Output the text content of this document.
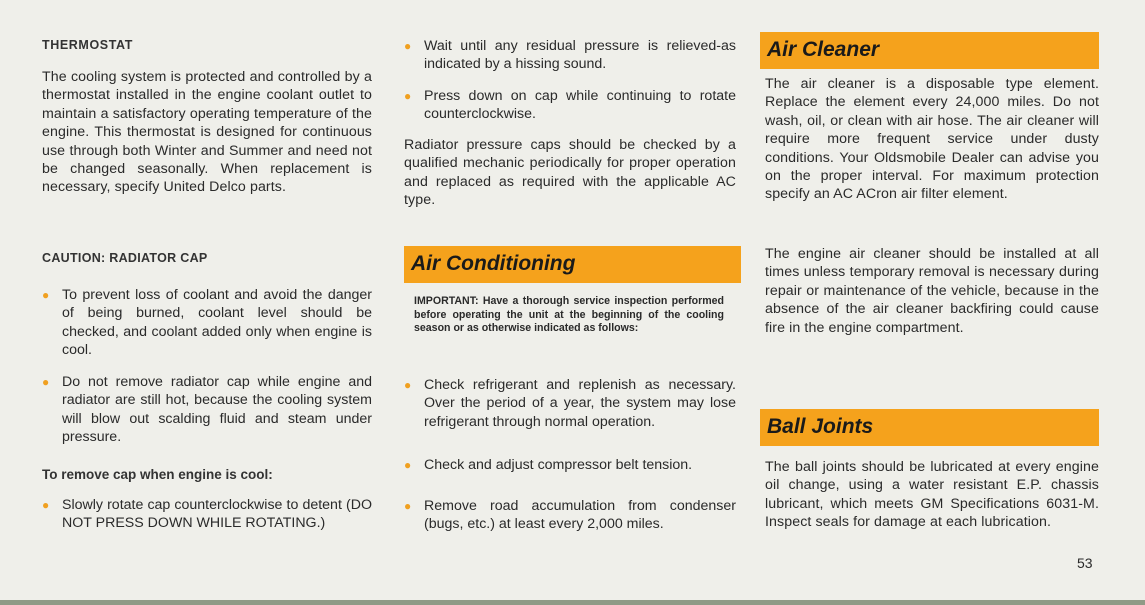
THERMOSTAT

The cooling system is protected and controlled by a thermostat installed in the engine coolant outlet to maintain a satisfactory operating temperature of the engine. This thermostat is designed for continuous use through both Winter and Summer and need not be changed seasonally. When replacement is necessary, specify United Delco parts.

CAUTION: RADIATOR CAP
● To prevent loss of coolant and avoid the danger of being burned, coolant level should be checked, and coolant added only when engine is cool.
● Do not remove radiator cap while engine and radiator are still hot, because the cooling system will blow out scalding fluid and steam under pressure.
To remove cap when engine is cool:
● Slowly rotate cap counterclockwise to detent (DO NOT PRESS DOWN WHILE ROTATING.)
● Wait until any residual pressure is relieved-as indicated by a hissing sound.
● Press down on cap while continuing to rotate counterclockwise.

Radiator pressure caps should be checked by a qualified mechanic periodically for proper operation and replaced as required with the applicable AC type.

Air Conditioning
IMPORTANT: Have a thorough service inspection performed before operating the unit at the beginning of the cooling season or as otherwise indicated as follows:
● Check refrigerant and replenish as necessary. Over the period of a year, the system may lose refrigerant through normal operation.
● Check and adjust compressor belt tension.
● Remove road accumulation from condenser (bugs, etc.) at least every 2,000 miles.
Air Cleaner

The air cleaner is a disposable type element. Replace the element every 24,000 miles. Do not wash, oil, or clean with air hose. The air cleaner will require more frequent service under dusty conditions. Your Oldsmobile Dealer can advise you on the proper interval. For maximum protection specify an AC ACron air filter element.

The engine air cleaner should be installed at all times unless temporary removal is necessary during repair or maintenance of the vehicle, because in the absence of the air cleaner backfiring could cause fire in the engine compartment.

Ball Joints

The ball joints should be lubricated at every engine oil change, using a water resistant E.P. chassis lubricant, which meets GM Specifications 6031-M. Inspect seals for damage at each lubrication.

53
